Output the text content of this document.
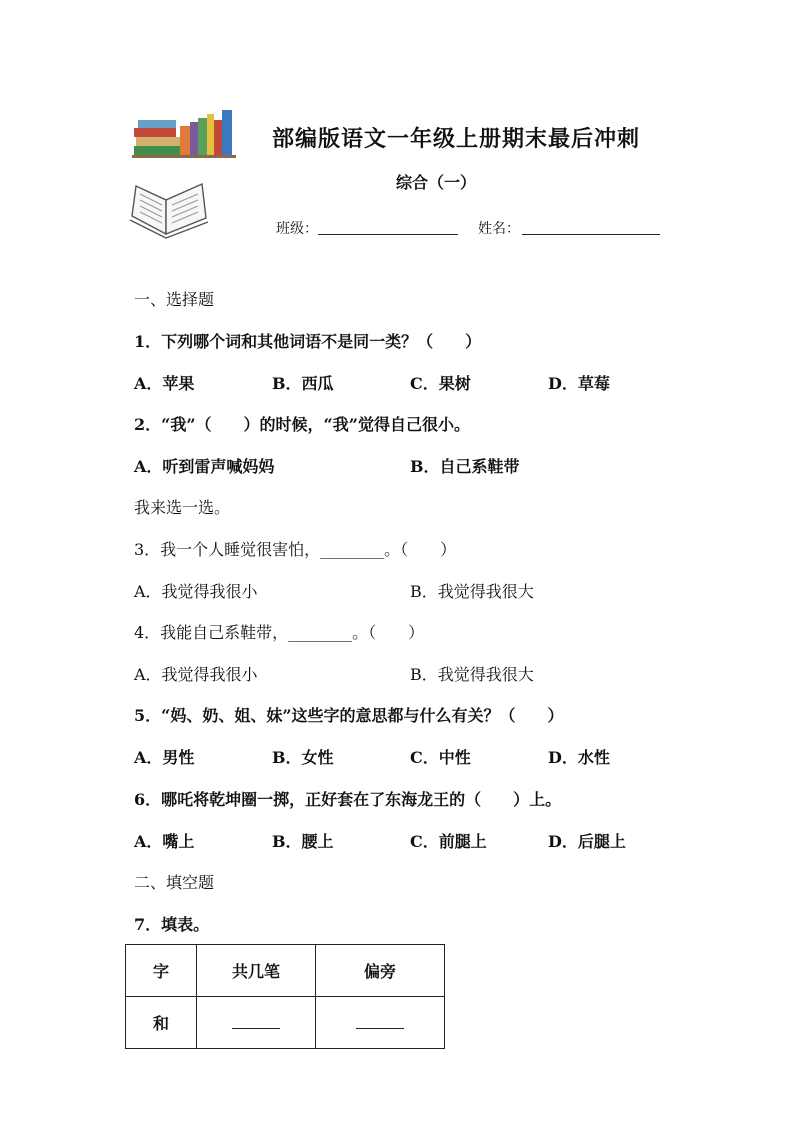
部编版语文一年级上册期末最后冲刺
综合（一）
班级：	姓名：
一、选择题
1．下列哪个词和其他词语不是同一类？（　　）
A．苹果	B．西瓜	C．果树	D．草莓
2．“我”（　　）的时候，“我”觉得自己很小。
A．听到雷声喊妈妈	B．自己系鞋带
我来选一选。
3．我一个人睡觉很害怕，________。（　　）
A．我觉得我很小	B．我觉得我很大
4．我能自己系鞋带，________。（　　）
A．我觉得我很小	B．我觉得我很大
5．“妈、奶、姐、妹”这些字的意思都与什么有关？（　　）
A．男性	B．女性	C．中性	D．水性
6．哪吒将乾坤圈一掷，正好套在了东海龙王的（　　）上。
A．嘴上	B．腰上	C．前腿上	D．后腿上
二、填空题
7．填表。
字	共几笔	偏旁
和		
